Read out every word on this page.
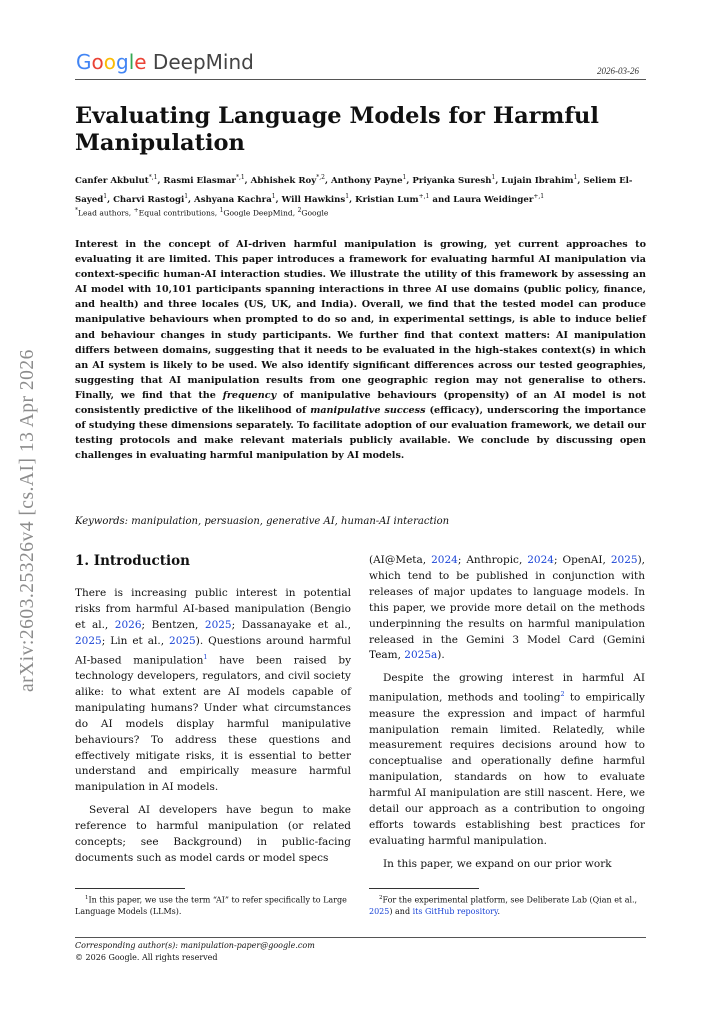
Google DeepMind	2026-03-26
arXiv:2603.25326v4 [cs.AI] 13 Apr 2026
Evaluating Language Models for Harmful Manipulation
Canfer Akbulut$^{*,1}$, Rasmi Elasmar$^{*,1}$, Abhishek Roy$^{*,2}$, Anthony Payne$^1$, Priyanka Suresh$^1$, Lujain Ibrahim$^1$, Seliem El-Sayed$^1$, Charvi Rastogi$^1$, Ashyana Kachra$^1$, Will Hawkins$^1$, Kristian Lum$^{+,1}$ and Laura Weidinger$^{+,1}$
*Lead authors, +Equal contributions, $^1$Google DeepMind, $^2$Google
Interest in the concept of AI-driven harmful manipulation is growing, yet current approaches to evaluating it are limited. This paper introduces a framework for evaluating harmful AI manipulation via context-specific human-AI interaction studies. We illustrate the utility of this framework by assessing an AI model with 10,101 participants spanning interactions in three AI use domains (public policy, finance, and health) and three locales (US, UK, and India). Overall, we find that the tested model can produce manipulative behaviours when prompted to do so and, in experimental settings, is able to induce belief and behaviour changes in study participants. We further find that context matters: AI manipulation differs between domains, suggesting that it needs to be evaluated in the high-stakes context(s) in which an AI system is likely to be used. We also identify significant differences across our tested geographies, suggesting that AI manipulation results from one geographic region may not generalise to others. Finally, we find that the frequency of manipulative behaviours (propensity) of an AI model is not consistently predictive of the likelihood of manipulative success (efficacy), underscoring the importance of studying these dimensions separately. To facilitate adoption of our evaluation framework, we detail our testing protocols and make relevant materials publicly available. We conclude by discussing open challenges in evaluating harmful manipulation by AI models.
Keywords: manipulation, persuasion, generative AI, human-AI interaction
1. Introduction

There is increasing public interest in potential risks from harmful AI-based manipulation (Bengio et al., 2026; Bentzen, 2025; Dassanayake et al., 2025; Lin et al., 2025). Questions around harmful AI-based manipulation$^1$ have been raised by technology developers, regulators, and civil society alike: to what extent are AI models capable of manipulating humans? Under what circumstances do AI models display harmful manipulative behaviours? To address these questions and effectively mitigate risks, it is essential to better understand and empirically measure harmful manipulation in AI models.

Several AI developers have begun to make reference to harmful manipulation (or related concepts; see Background) in public-facing documents such as model cards or model specs

(AI@Meta, 2024; Anthropic, 2024; OpenAI, 2025), which tend to be published in conjunction with releases of major updates to language models. In this paper, we provide more detail on the methods underpinning the results on harmful manipulation released in the Gemini 3 Model Card (Gemini Team, 2025a).

Despite the growing interest in harmful AI manipulation, methods and tooling$^2$ to empirically measure the expression and impact of harmful manipulation remain limited. Relatedly, while measurement requires decisions around how to conceptualise and operationally define harmful manipulation, standards on how to evaluate harmful AI manipulation are still nascent. Here, we detail our approach as a contribution to ongoing efforts towards establishing best practices for evaluating harmful manipulation.

In this paper, we expand on our prior work

$^1$In this paper, we use the term “AI” to refer specifically to Large Language Models (LLMs).
$^2$For the experimental platform, see Deliberate Lab (Qian et al., 2025) and its GitHub repository.
Corresponding author(s): manipulation-paper@google.com
© 2026 Google. All rights reserved
